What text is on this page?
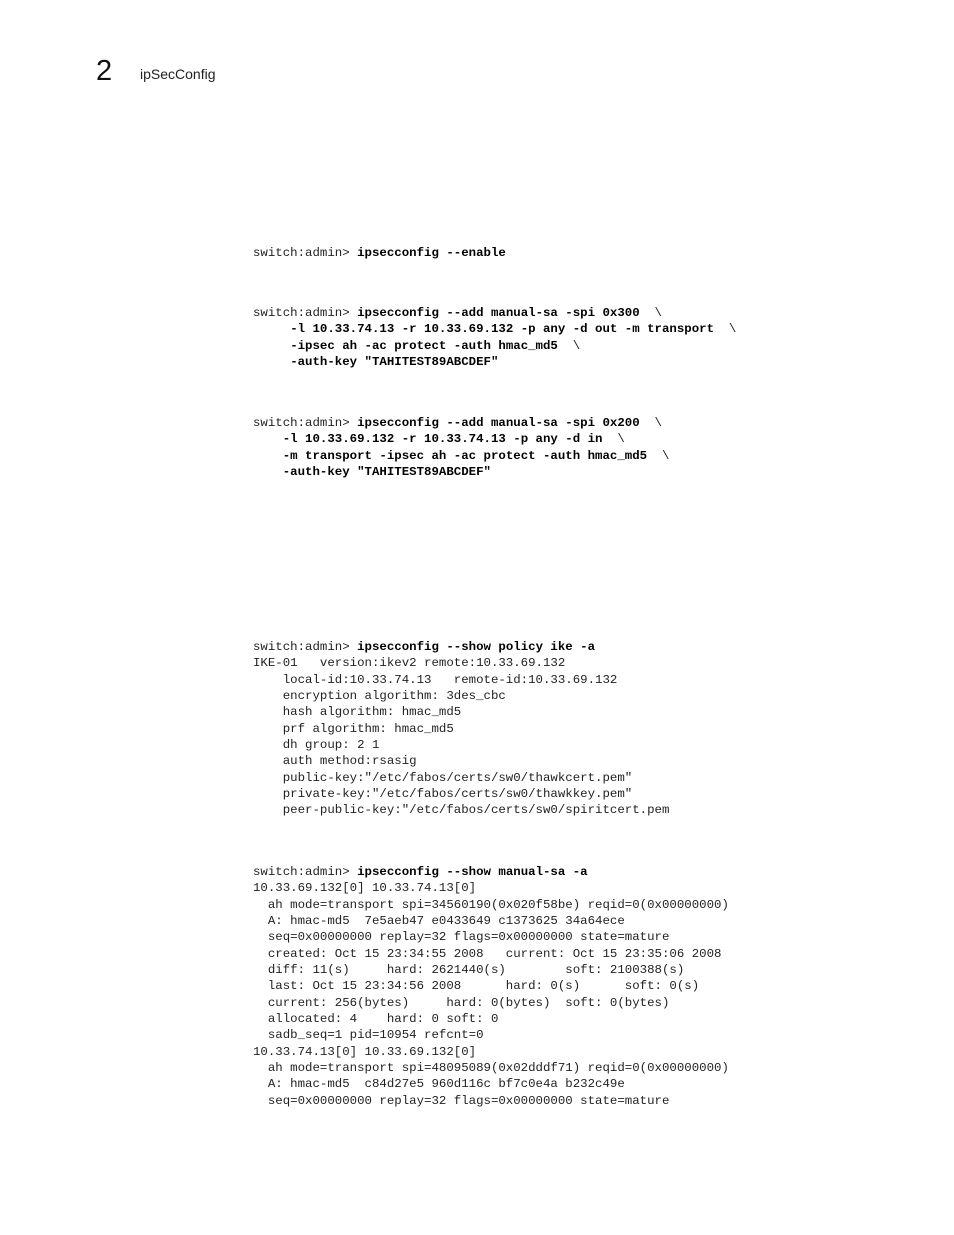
2 ipSecConfig
switch:admin> ipsecconfig --enable
switch:admin> ipsecconfig --add manual-sa -spi 0x300  \
-l 10.33.74.13 -r 10.33.69.132 -p any -d out -m transport  \
-ipsec ah -ac protect -auth hmac_md5  \
-auth-key "TAHITEST89ABCDEF"
switch:admin> ipsecconfig --add manual-sa -spi 0x200  \
-l 10.33.69.132 -r 10.33.74.13 -p any -d in  \
-m transport -ipsec ah -ac protect -auth hmac_md5  \
-auth-key "TAHITEST89ABCDEF"
switch:admin> ipsecconfig --show policy ike -a
IKE-01   version:ikev2 remote:10.33.69.132
local-id:10.33.74.13   remote-id:10.33.69.132
encryption algorithm: 3des_cbc
hash algorithm: hmac_md5
prf algorithm: hmac_md5
dh group: 2 1
auth method:rsasig
public-key:"/etc/fabos/certs/sw0/thawkcert.pem"
private-key:"/etc/fabos/certs/sw0/thawkkey.pem"
peer-public-key:"/etc/fabos/certs/sw0/spiritcert.pem
switch:admin> ipsecconfig --show manual-sa -a
10.33.69.132[0] 10.33.74.13[0]
ah mode=transport spi=34560190(0x020f58be) reqid=0(0x00000000)
A: hmac-md5  7e5aeb47 e0433649 c1373625 34a64ece
seq=0x00000000 replay=32 flags=0x00000000 state=mature
created: Oct 15 23:34:55 2008   current: Oct 15 23:35:06 2008
diff: 11(s)     hard: 2621440(s)        soft: 2100388(s)
last: Oct 15 23:34:56 2008      hard: 0(s)      soft: 0(s)
current: 256(bytes)     hard: 0(bytes)  soft: 0(bytes)
allocated: 4    hard: 0 soft: 0
sadb_seq=1 pid=10954 refcnt=0
10.33.74.13[0] 10.33.69.132[0]
ah mode=transport spi=48095089(0x02dddf71) reqid=0(0x00000000)
A: hmac-md5  c84d27e5 960d116c bf7c0e4a b232c49e
seq=0x00000000 replay=32 flags=0x00000000 state=mature
